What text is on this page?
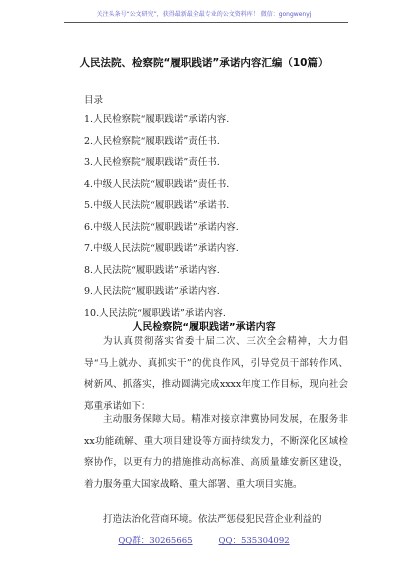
关注头条号“公文研究”，获得最新最全最专业的公文资料库！ 微信：gongwenyj
人民法院、检察院“履职践诺”承诺内容汇编（10篇）
目录
1.人民检察院“履职践诺”承诺内容.
2.人民检察院“履职践诺”责任书.
3.人民检察院“履职践诺”责任书.
4.中级人民法院“履职践诺”责任书.
5.中级人民法院“履职践诺”承诺书.
6.中级人民法院“履职践诺”承诺内容.
7.中级人民法院“履职践诺”承诺内容.
8.人民法院“履职践诺”承诺内容.
9.人民法院“履职践诺”承诺内容.
10.人民法院“履职践诺”承诺内容.
人民检察院“履职践诺”承诺内容

为认真贯彻落实省委十届二次、三次全会精神，大力倡导“马上就办、真抓实干”的优良作风，引导党员干部转作风、树新风、抓落实，推动圆满完成xxxx年度工作目标，现向社会郑重承诺如下：

主动服务保障大局。精准对接京津冀协同发展，在服务非xx功能疏解、重大项目建设等方面持续发力，不断深化区域检察协作，以更有力的措施推动高标准、高质量雄安新区建设，着力服务重大国家战略、重大部署、重大项目实施。

打造法治化营商环境。依法严惩侵犯民营企业利益的

QQ群：30265665	QQ：535304092
